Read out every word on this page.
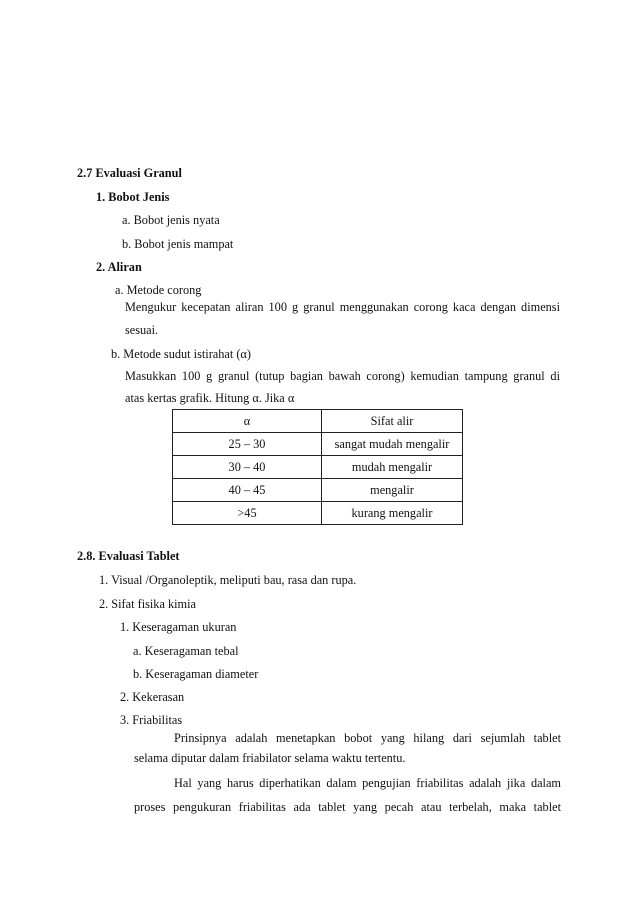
2.7 Evaluasi Granul
1. Bobot Jenis
a. Bobot jenis nyata
b. Bobot jenis mampat
2. Aliran
a. Metode corong
Mengukur kecepatan aliran 100 g granul menggunakan corong kaca dengan dimensi
sesuai.
b. Metode sudut istirahat (α)
Masukkan 100 g granul (tutup bagian bawah corong) kemudian tampung granul di
atas kertas grafik. Hitung α. Jika α
α	Sifat alir
25 – 30	sangat mudah mengalir
30 – 40	mudah mengalir
40 – 45	mengalir
>45	kurang mengalir
2.8. Evaluasi Tablet
1. Visual /Organoleptik, meliputi bau, rasa dan rupa.
2. Sifat fisika kimia
1. Keseragaman ukuran
a. Keseragaman tebal
b. Keseragaman diameter
2. Kekerasan
3. Friabilitas
Prinsipnya adalah menetapkan bobot yang hilang dari sejumlah tablet
selama diputar dalam friabilator selama waktu tertentu.
Hal yang harus diperhatikan dalam pengujian friabilitas adalah jika dalam
proses pengukuran friabilitas ada tablet yang pecah atau terbelah, maka tablet
